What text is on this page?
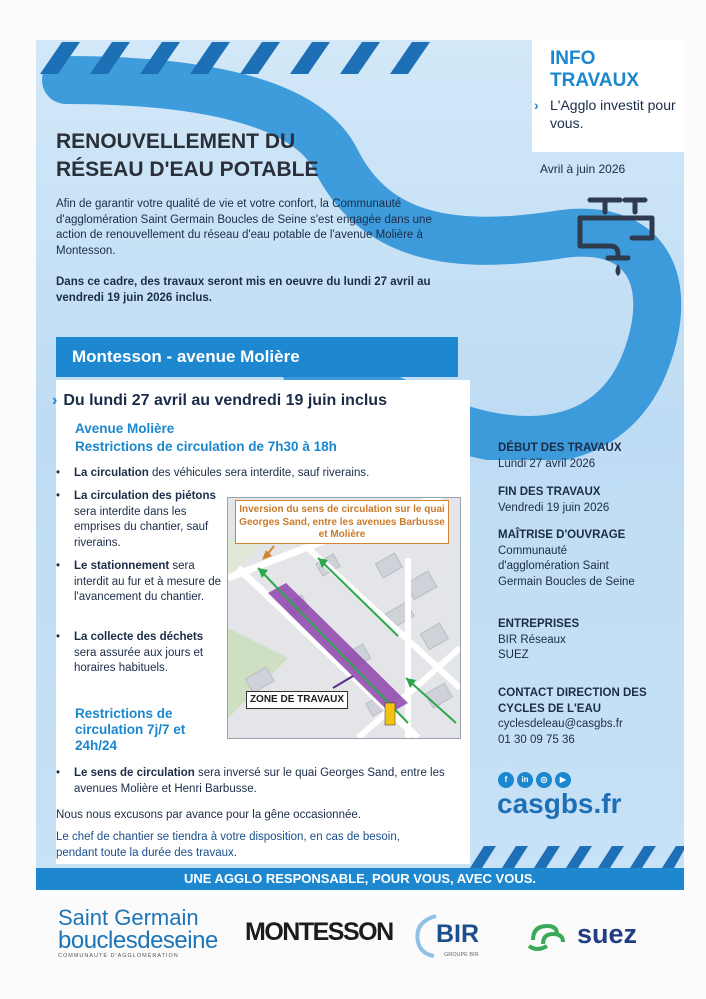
INFO
TRAVAUX
› L'Agglo investit pour vous.
Avril à juin 2026
RENOUVELLEMENT DU
RÉSEAU D'EAU POTABLE
Afin de garantir votre qualité de vie et votre confort, la Communauté d'agglomération Saint Germain Boucles de Seine s'est engagée dans une action de renouvellement du réseau d'eau potable de l'avenue Molière à Montesson.
Dans ce cadre, des travaux seront mis en oeuvre du lundi 27 avril au vendredi 19 juin 2026 inclus.
Montesson - avenue Molière
› Du lundi 27 avril au vendredi 19 juin inclus
Avenue Molière
Restrictions de circulation de 7h30 à 18h
• La circulation des véhicules sera interdite, sauf riverains.
• La circulation des piétons sera interdite dans les emprises du chantier, sauf riverains.
• Le stationnement sera interdit au fur et à mesure de l'avancement du chantier.
• La collecte des déchets sera assurée aux jours et horaires habituels.
Restrictions de circulation 7j/7 et 24h/24
• Le sens de circulation sera inversé sur le quai Georges Sand, entre les avenues Molière et Henri Barbusse.
Inversion du sens de circulation sur le quai Georges Sand, entre les avenues Barbusse et Molière
ZONE DE TRAVAUX
Nous nous excusons par avance pour la gêne occasionnée.
Le chef de chantier se tiendra à votre disposition, en cas de besoin, pendant toute la durée des travaux.
DÉBUT DES TRAVAUX
Lundi 27 avril 2026
FIN DES TRAVAUX
Vendredi 19 juin 2026
MAÎTRISE D'OUVRAGE
Communauté d'agglomération Saint Germain Boucles de Seine
ENTREPRISES
BIR Réseaux
SUEZ
CONTACT DIRECTION DES CYCLES DE L'EAU
cyclesdeleau@casgbs.fr
01 30 09 75 36
f in ◎ ▶
casgbs.fr
UNE AGGLO RESPONSABLE, POUR VOUS, AVEC VOUS.
Saint Germain
bouclesdeseine
COMMUNAUTÉ D'AGGLOMÉRATION
MONTESSON BIR
GROUPE BIR
suez
